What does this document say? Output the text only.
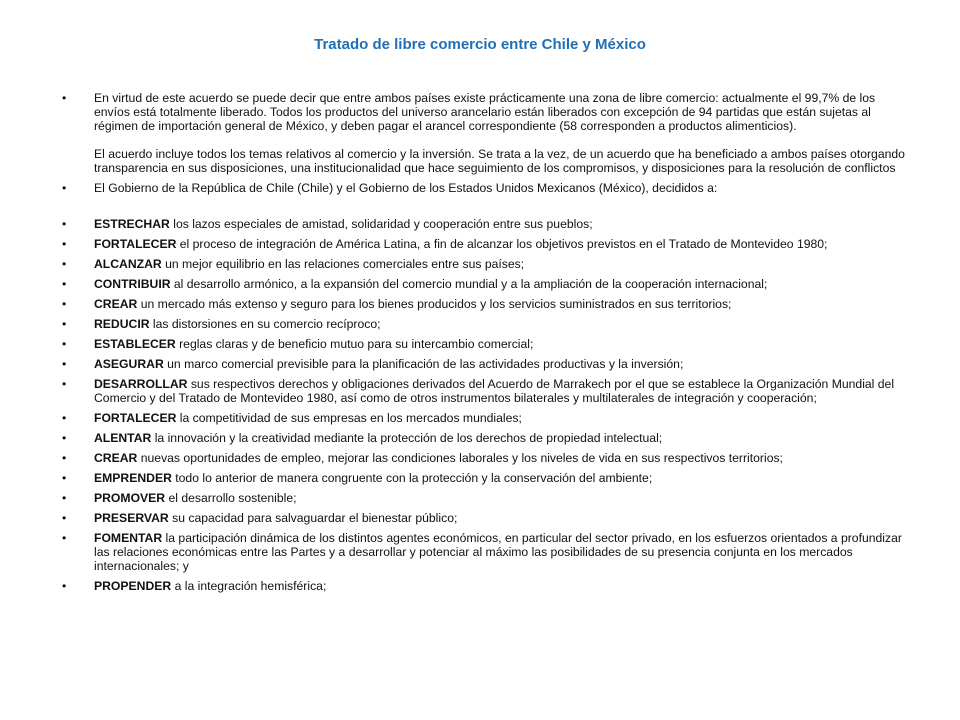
Tratado de libre comercio entre Chile y México
• En virtud de este acuerdo se puede decir que entre ambos países existe prácticamente una zona de libre comercio: actualmente el 99,7% de los envíos está totalmente liberado. Todos los productos del universo arancelario están liberados con excepción de 94 partidas que están sujetas al régimen de importación general de México, y deben pagar el arancel correspondiente (58 corresponden a productos alimenticios).
El acuerdo incluye todos los temas relativos al comercio y la inversión. Se trata a la vez, de un acuerdo que ha beneficiado a ambos países otorgando transparencia en sus disposiciones, una institucionalidad que hace seguimiento de los compromisos, y disposiciones para la resolución de conflictos
• El Gobierno de la República de Chile (Chile) y el Gobierno de los Estados Unidos Mexicanos (México), decididos a:
• ESTRECHAR los lazos especiales de amistad, solidaridad y cooperación entre sus pueblos;
• FORTALECER el proceso de integración de América Latina, a fin de alcanzar los objetivos previstos en el Tratado de Montevideo 1980;
• ALCANZAR un mejor equilibrio en las relaciones comerciales entre sus países;
• CONTRIBUIR al desarrollo armónico, a la expansión del comercio mundial y a la ampliación de la cooperación internacional;
• CREAR un mercado más extenso y seguro para los bienes producidos y los servicios suministrados en sus territorios;
• REDUCIR las distorsiones en su comercio recíproco;
• ESTABLECER reglas claras y de beneficio mutuo para su intercambio comercial;
• ASEGURAR un marco comercial previsible para la planificación de las actividades productivas y la inversión;
• DESARROLLAR sus respectivos derechos y obligaciones derivados del Acuerdo de Marrakech por el que se establece la Organización Mundial del Comercio y del Tratado de Montevideo 1980, así como de otros instrumentos bilaterales y multilaterales de integración y cooperación;
• FORTALECER la competitividad de sus empresas en los mercados mundiales;
• ALENTAR la innovación y la creatividad mediante la protección de los derechos de propiedad intelectual;
• CREAR nuevas oportunidades de empleo, mejorar las condiciones laborales y los niveles de vida en sus respectivos territorios;
• EMPRENDER todo lo anterior de manera congruente con la protección y la conservación del ambiente;
• PROMOVER el desarrollo sostenible;
• PRESERVAR su capacidad para salvaguardar el bienestar público;
• FOMENTAR la participación dinámica de los distintos agentes económicos, en particular del sector privado, en los esfuerzos orientados a profundizar las relaciones económicas entre las Partes y a desarrollar y potenciar al máximo las posibilidades de su presencia conjunta en los mercados internacionales; y
• PROPENDER a la integración hemisférica;
